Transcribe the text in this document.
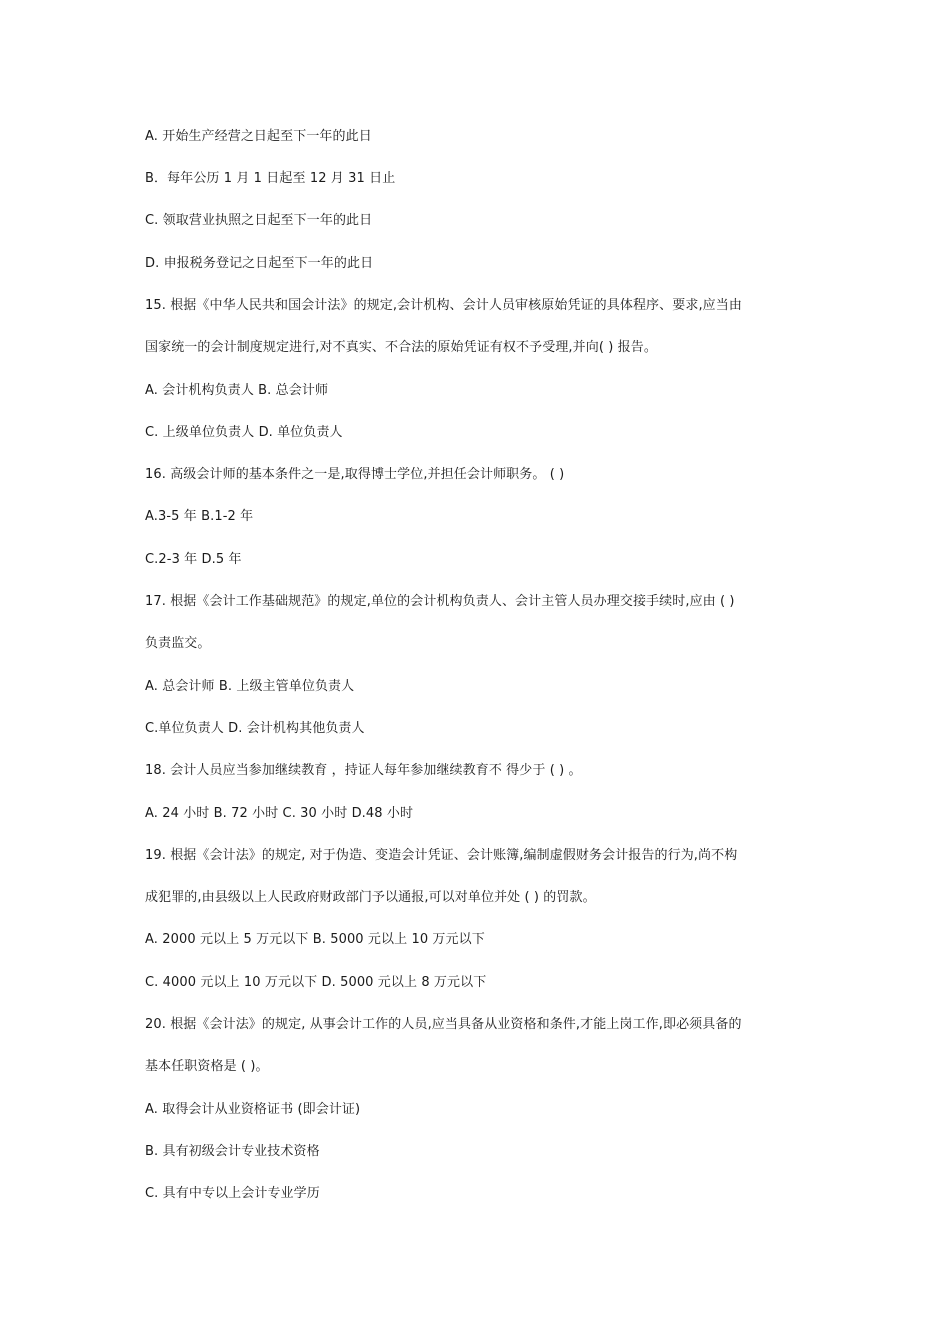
A. 开始生产经营之日起至下一年的此日
B．每年公历 1 月 1 日起至 12 月 31 日止
C. 领取营业执照之日起至下一年的此日
D. 申报税务登记之日起至下一年的此日
15. 根据《中华人民共和国会计法》的规定,会计机构、会计人员审核原始凭证的具体程序、要求,应当由
国家统一的会计制度规定进行,对不真实、不合法的原始凭证有权不予受理,并向( ) 报告。
A. 会计机构负责人 B. 总会计师
C. 上级单位负责人 D. 单位负责人
16. 高级会计师的基本条件之一是,取得博士学位,并担任会计师职务。 ( )
A.3-5 年 B.1-2 年
C.2-3 年 D.5 年
17. 根据《会计工作基础规范》的规定,单位的会计机构负责人、会计主管人员办理交接手续时,应由 ( )
负责监交。
A. 总会计师 B. 上级主管单位负责人
C.单位负责人 D. 会计机构其他负责人
18. 会计人员应当参加继续教育 ，持证人每年参加继续教育不 得少于 ( ) 。
A. 24 小时 B. 72 小时 C. 30 小时 D.48 小时
19. 根据《会计法》的规定, 对于伪造、变造会计凭证、会计账簿,编制虚假财务会计报告的行为,尚不构
成犯罪的,由县级以上人民政府财政部门予以通报,可以对单位并处 ( ) 的罚款。
A. 2000 元以上 5 万元以下 B. 5000 元以上 10 万元以下
C. 4000 元以上 10 万元以下 D. 5000 元以上 8 万元以下
20. 根据《会计法》的规定, 从事会计工作的人员,应当具备从业资格和条件,才能上岗工作,即必须具备的
基本任职资格是 ( )。
A. 取得会计从业资格证书 (即会计证)
B. 具有初级会计专业技术资格
C. 具有中专以上会计专业学历
